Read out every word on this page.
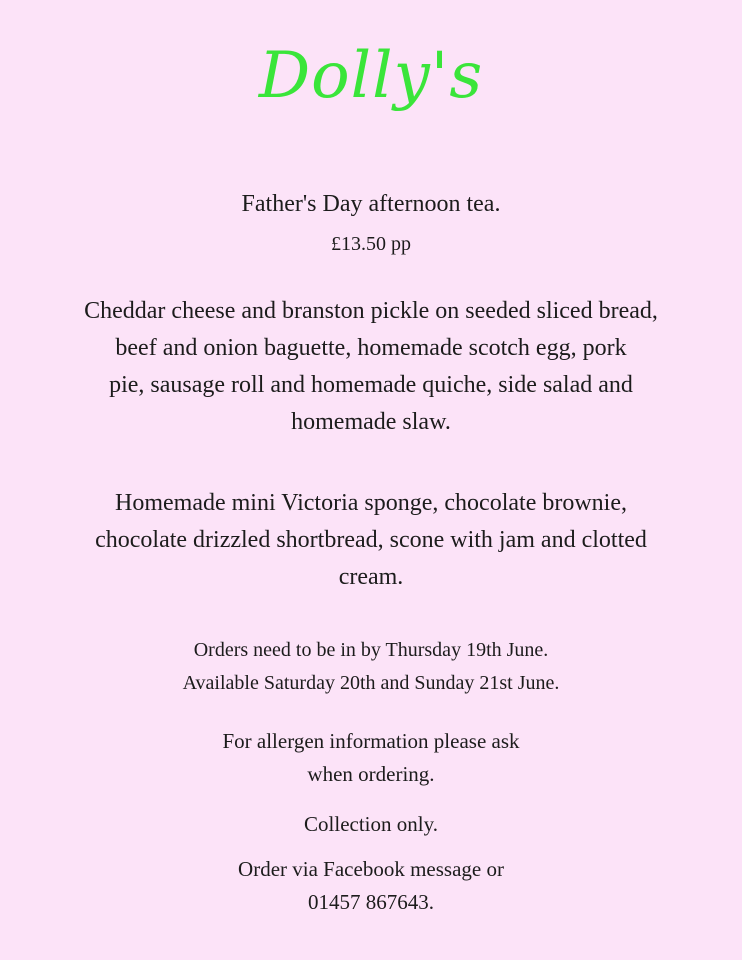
Dolly's
Father's Day afternoon tea.
£13.50 pp
Cheddar cheese and branston pickle on seeded sliced bread,
beef and onion baguette, homemade scotch egg, pork
pie, sausage roll and homemade quiche, side salad and
homemade slaw.
Homemade mini Victoria sponge, chocolate brownie,
chocolate drizzled shortbread, scone with jam and clotted
cream.
Orders need to be in by Thursday 19th June.
Available Saturday 20th and Sunday 21st June.
For allergen information please ask
when ordering.
Collection only.
Order via Facebook message or
01457 867643.
